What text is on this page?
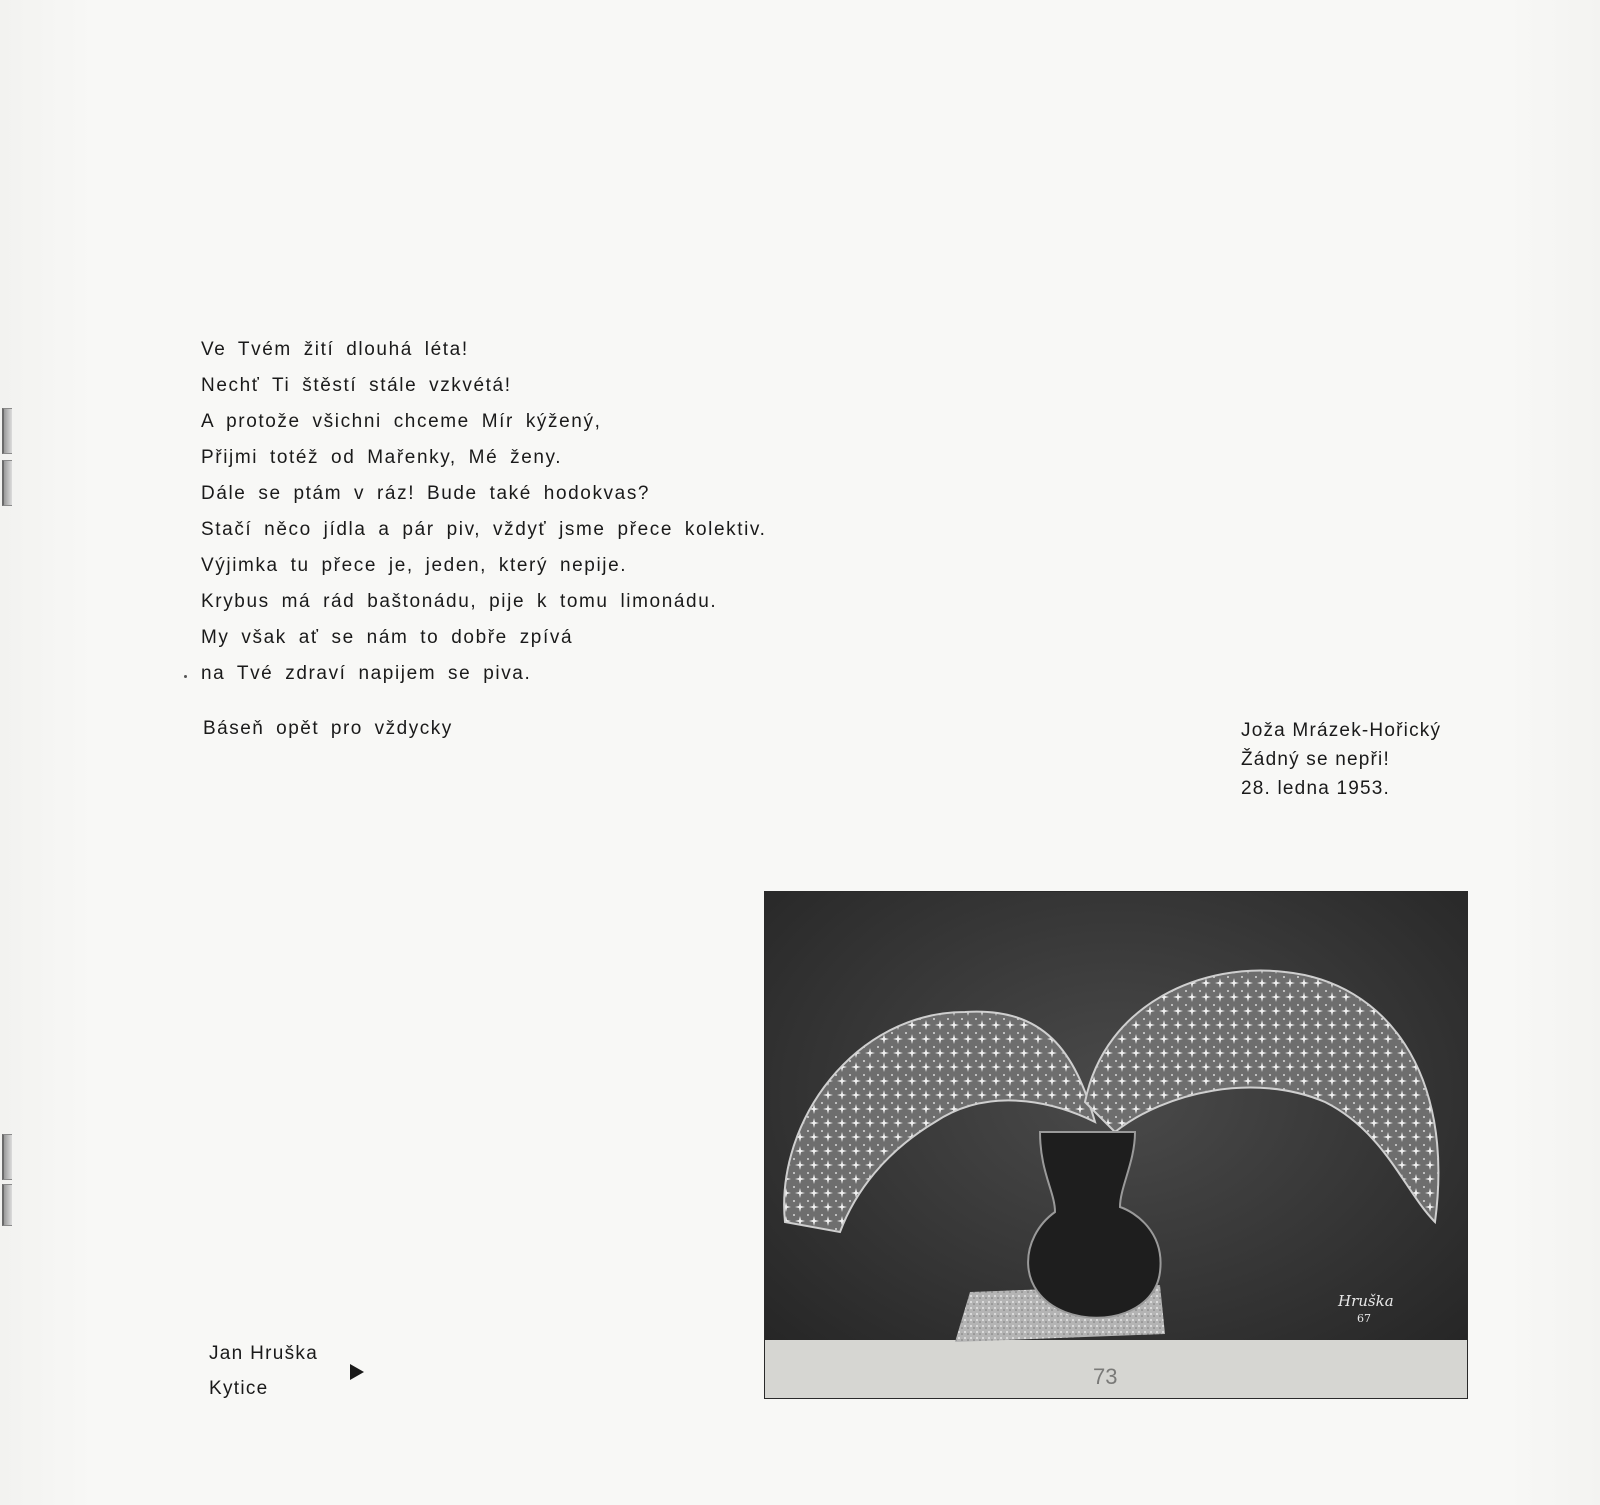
Ve Tvém žití dlouhá léta!
Nechť Ti štěstí stále vzkvétá!
A protože všichni chceme Mír kýžený,
Přijmi totéž od Mařenky, Mé ženy.
Dále se ptám v ráz! Bude také hodokvas?
Stačí něco jídla a pár piv, vždyť jsme přece kolektiv.
Výjimka tu přece je, jeden, který nepije.
Krybus má rád baštonádu, pije k tomu limonádu.
My však ať se nám to dobře zpívá
na Tvé zdraví napijem se piva.
Báseň opět pro vždycky	Joža Mrázek-Hořický
Žádný se nepři!
28. ledna 1953.
Hruška
67
73
Jan Hruška
Kytice
